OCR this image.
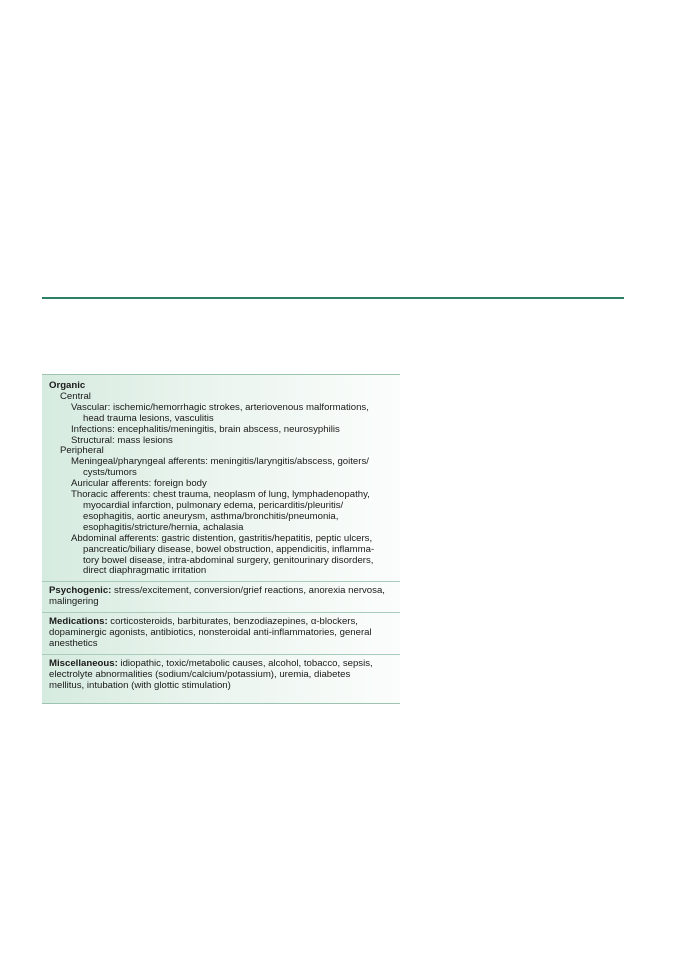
Organic
Central
Vascular: ischemic/hemorrhagic strokes, arteriovenous malformations,
head trauma lesions, vasculitis
Infections: encephalitis/meningitis, brain abscess, neurosyphilis
Structural: mass lesions
Peripheral
Meningeal/pharyngeal afferents: meningitis/laryngitis/abscess, goiters/
cysts/tumors
Auricular afferents: foreign body
Thoracic afferents: chest trauma, neoplasm of lung, lymphadenopathy,
myocardial infarction, pulmonary edema, pericarditis/pleuritis/
esophagitis, aortic aneurysm, asthma/bronchitis/pneumonia,
esophagitis/stricture/hernia, achalasia
Abdominal afferents: gastric distention, gastritis/hepatitis, peptic ulcers,
pancreatic/biliary disease, bowel obstruction, appendicitis, inflamma-
tory bowel disease, intra-abdominal surgery, genitourinary disorders,
direct diaphragmatic irritation
Psychogenic: stress/excitement, conversion/grief reactions, anorexia nervosa,
malingering
Medications: corticosteroids, barbiturates, benzodiazepines, α-blockers,
dopaminergic agonists, antibiotics, nonsteroidal anti-inflammatories, general
anesthetics
Miscellaneous: idiopathic, toxic/metabolic causes, alcohol, tobacco, sepsis,
electrolyte abnormalities (sodium/calcium/potassium), uremia, diabetes
mellitus, intubation (with glottic stimulation)
